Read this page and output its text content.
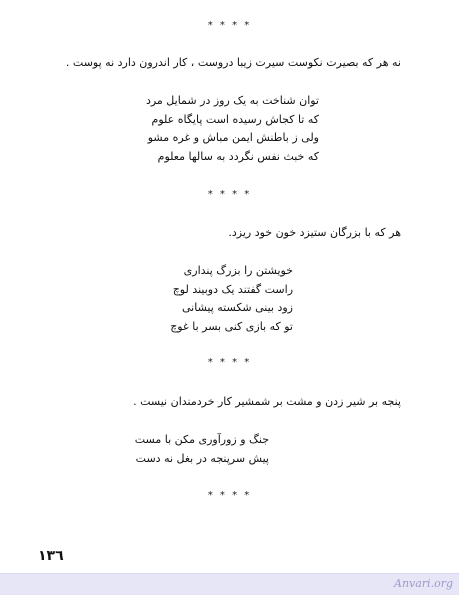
* * * *
نه هر که بصیرت نکوست سیرت زیبا دروست ، کار اندرون دارد نه پوست .
توان شناخت به یک روز در شمایل مرد
که تا کجاش رسیده است پایگاه علوم
ولی ز باطنش ایمن مباش و غره مشو
که خبث نفس نگردد به سالها معلوم
* * * *
هر که با بزرگان ستیزد خون خود ریزد.
خویشتن را بزرگ پنداری
راست گفتند یک دوبیند لوچ
زود بینی شکسته پیشانی
تو که بازی کنی بسر با غوچ
* * * *
پنجه بر شیر زدن و مشت بر شمشیر کار خردمندان نیست .
جنگ و زورآوری مکن با مست
پیش سرپنجه در بغل نه دست
* * * *
١٣٦
Anvari.org
